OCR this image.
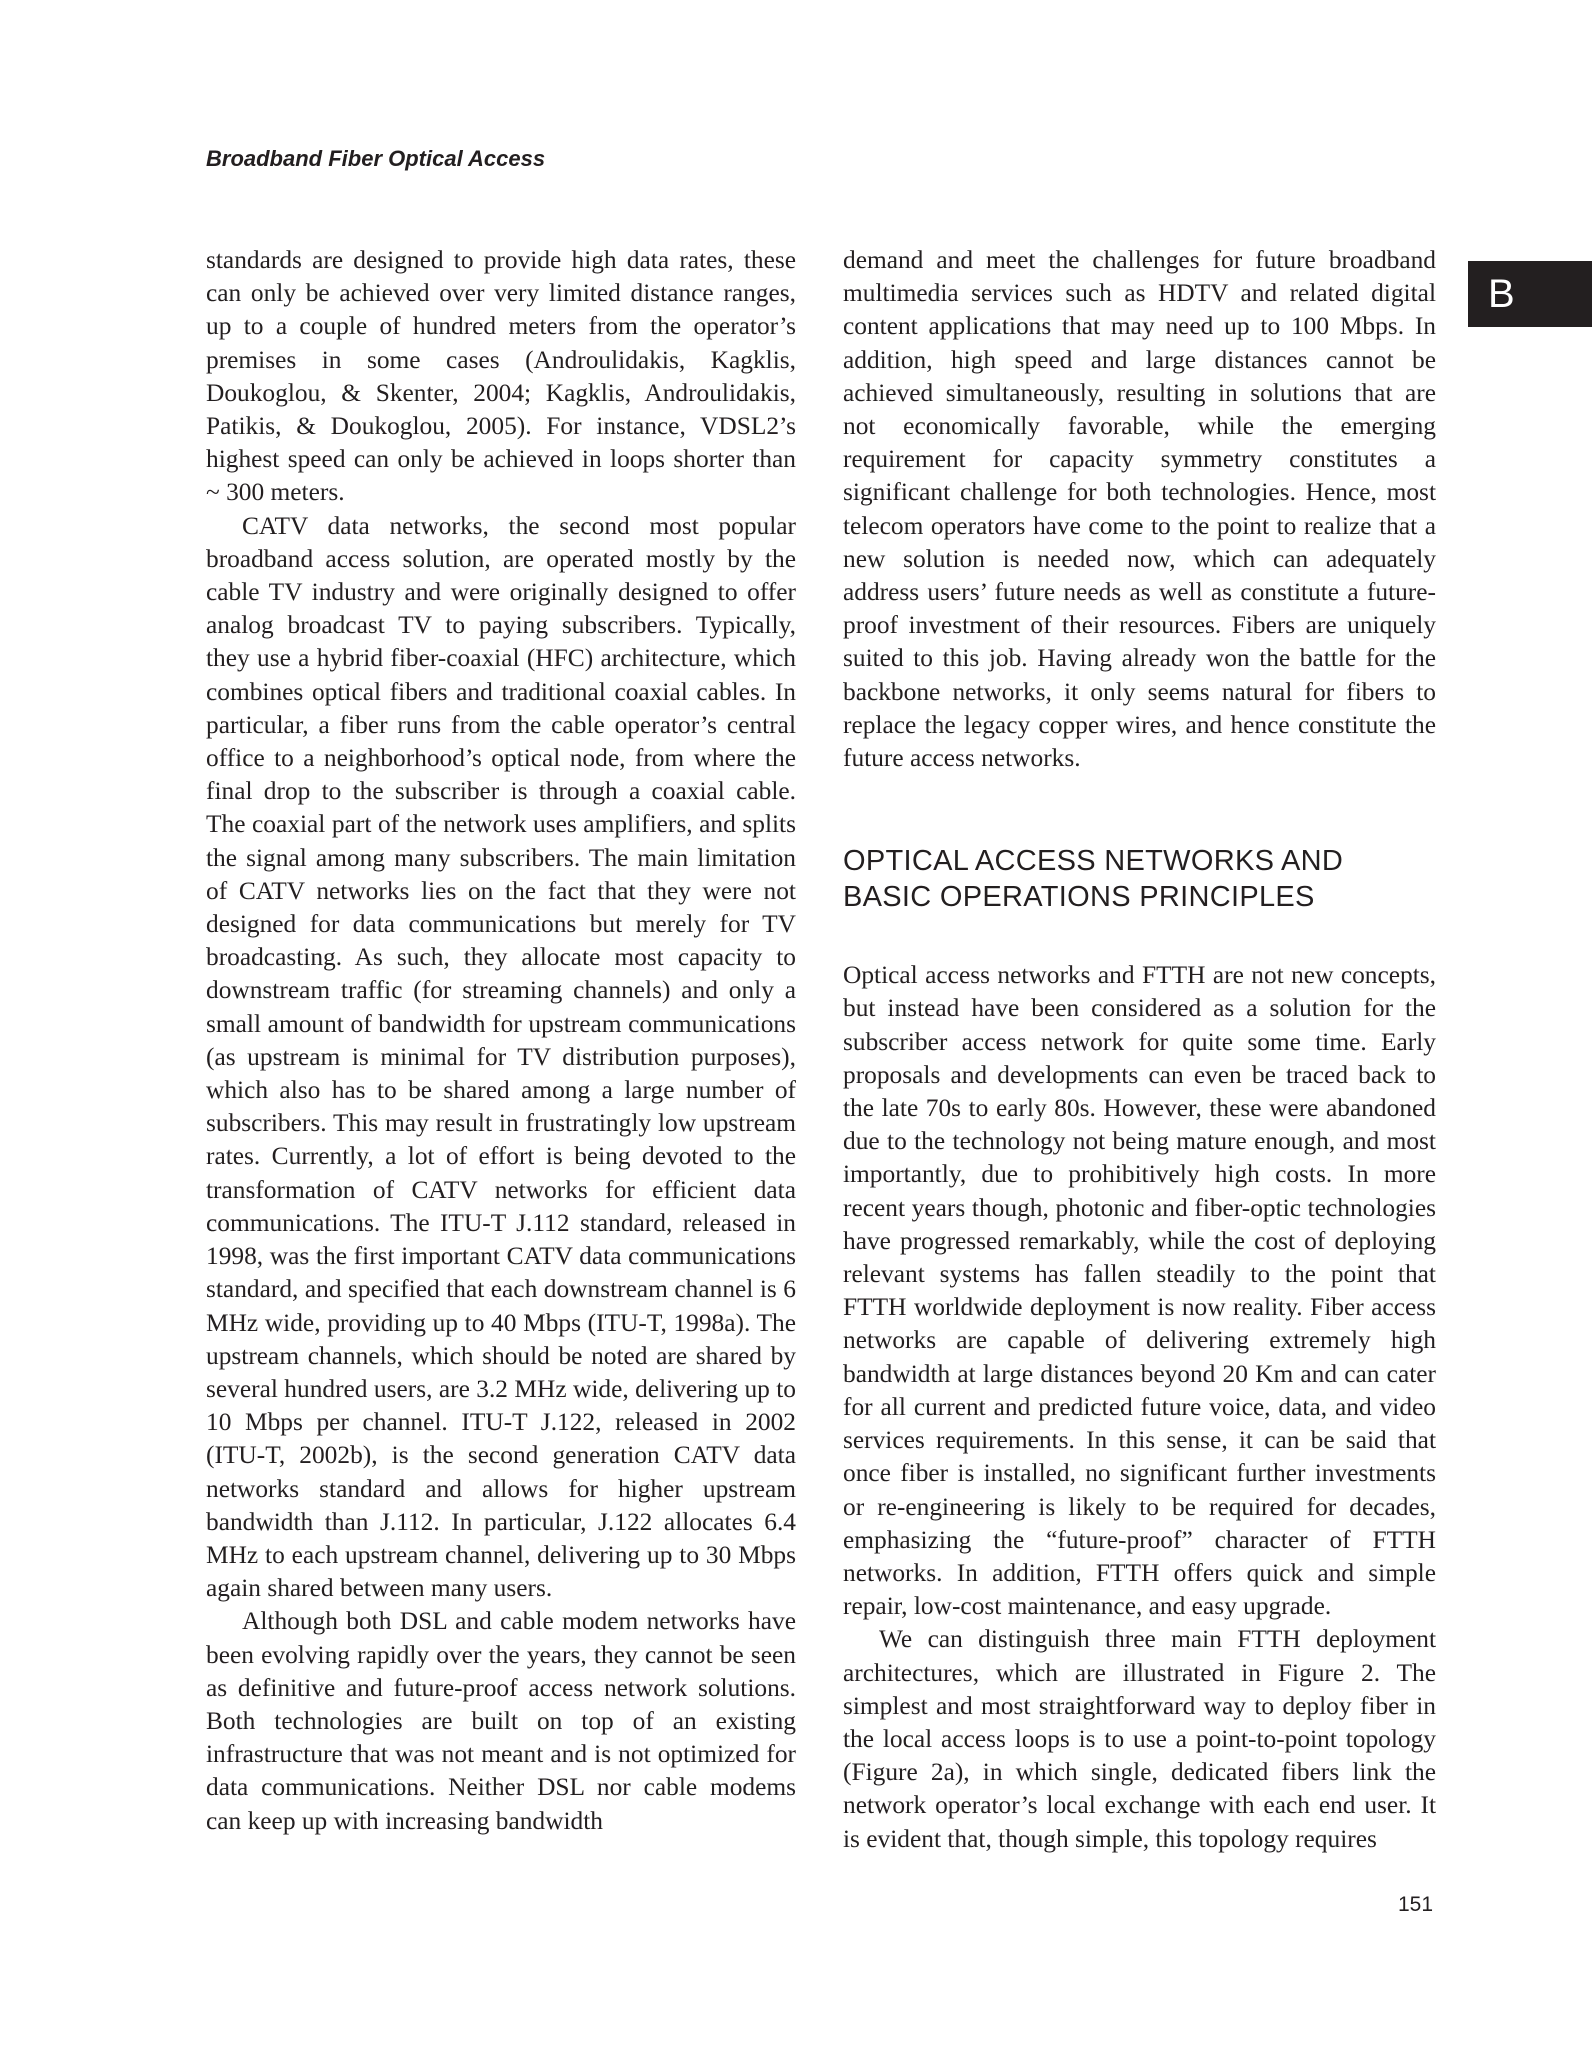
Broadband Fiber Optical Access
B

standards are designed to provide high data rates, these can only be achieved over very limited distance ranges, up to a couple of hundred meters from the operator’s premises in some cases (Androulidakis, Kagklis, Doukoglou, & Skenter, 2004; Kagklis, Androulidakis, Patikis, & Doukoglou, 2005). For instance, VDSL2’s highest speed can only be achieved in loops shorter than ~ 300 meters.

CATV data networks, the second most popular broadband access solution, are operated mostly by the cable TV industry and were originally designed to offer analog broadcast TV to paying subscribers. Typically, they use a hybrid fiber-coaxial (HFC) architecture, which combines optical fibers and traditional coaxial cables. In particular, a fiber runs from the cable operator’s central office to a neighborhood’s optical node, from where the final drop to the subscriber is through a coaxial cable. The coaxial part of the network uses amplifiers, and splits the signal among many subscribers. The main limitation of CATV networks lies on the fact that they were not designed for data communications but merely for TV broadcasting. As such, they allocate most capacity to downstream traffic (for streaming channels) and only a small amount of bandwidth for upstream communications (as upstream is minimal for TV distribution purposes), which also has to be shared among a large number of subscribers. This may result in frustratingly low upstream rates. Currently, a lot of effort is being devoted to the transformation of CATV networks for efficient data communications. The ITU-T J.112 standard, released in 1998, was the first important CATV data communications standard, and specified that each downstream channel is 6 MHz wide, providing up to 40 Mbps (ITU-T, 1998a). The upstream channels, which should be noted are shared by several hundred users, are 3.2 MHz wide, delivering up to 10 Mbps per channel. ITU-T J.122, released in 2002 (ITU-T, 2002b), is the second generation CATV data networks standard and allows for higher upstream bandwidth than J.112. In particular, J.122 allocates 6.4 MHz to each upstream channel, delivering up to 30 Mbps again shared between many users.

Although both DSL and cable modem networks have been evolving rapidly over the years, they cannot be seen as definitive and future-proof access network solutions. Both technologies are built on top of an existing infrastructure that was not meant and is not optimized for data communications. Neither DSL nor cable modems can keep up with increasing bandwidth

demand and meet the challenges for future broadband multimedia services such as HDTV and related digital content applications that may need up to 100 Mbps. In addition, high speed and large distances cannot be achieved simultaneously, resulting in solutions that are not economically favorable, while the emerging requirement for capacity symmetry constitutes a significant challenge for both technologies. Hence, most telecom operators have come to the point to realize that a new solution is needed now, which can adequately address users’ future needs as well as constitute a future-proof investment of their resources. Fibers are uniquely suited to this job. Having already won the battle for the backbone networks, it only seems natural for fibers to replace the legacy copper wires, and hence constitute the future access networks.

OPTICAL ACCESS NETWORKS AND BASIC OPERATIONS PRINCIPLES

Optical access networks and FTTH are not new concepts, but instead have been considered as a solution for the subscriber access network for quite some time. Early proposals and developments can even be traced back to the late 70s to early 80s. However, these were abandoned due to the technology not being mature enough, and most importantly, due to prohibitively high costs. In more recent years though, photonic and fiber-optic technologies have progressed remarkably, while the cost of deploying relevant systems has fallen steadily to the point that FTTH worldwide deployment is now reality. Fiber access networks are capable of delivering extremely high bandwidth at large distances beyond 20 Km and can cater for all current and predicted future voice, data, and video services requirements. In this sense, it can be said that once fiber is installed, no significant further investments or re-engineering is likely to be required for decades, emphasizing the “future-proof” character of FTTH networks. In addition, FTTH offers quick and simple repair, low-cost maintenance, and easy upgrade.

We can distinguish three main FTTH deployment architectures, which are illustrated in Figure 2. The simplest and most straightforward way to deploy fiber in the local access loops is to use a point-to-point topology (Figure 2a), in which single, dedicated fibers link the network operator’s local exchange with each end user. It is evident that, though simple, this topology requires

151
